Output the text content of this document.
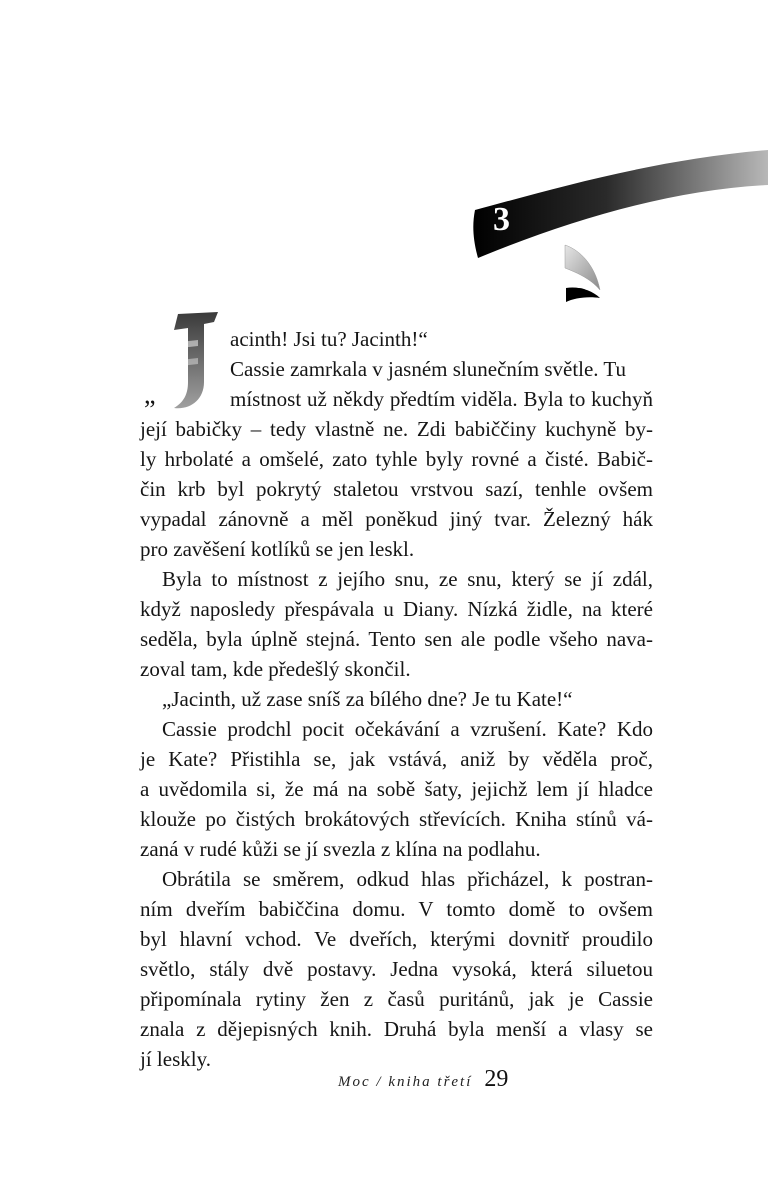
3
„
acinth! Jsi tu? Jacinth!“
Cassie zamrkala v jasném slunečním světle. Tu
místnost už někdy předtím viděla. Byla to kuchyň
její babičky – tedy vlastně ne. Zdi babiččiny kuchyně by-
ly hrbolaté a omšelé, zato tyhle byly rovné a čisté. Babič-
čin krb byl pokrytý staletou vrstvou sazí, tenhle ovšem
vypadal zánovně a měl poněkud jiný tvar. Železný hák
pro zavěšení kotlíků se jen leskl.
Byla to místnost z jejího snu, ze snu, který se jí zdál,
když naposledy přespávala u Diany. Nízká židle, na které
seděla, byla úplně stejná. Tento sen ale podle všeho nava-
zoval tam, kde předešlý skončil.
„Jacinth, už zase sníš za bílého dne? Je tu Kate!“
Cassie prodchl pocit očekávání a vzrušení. Kate? Kdo
je Kate? Přistihla se, jak vstává, aniž by věděla proč,
a uvědomila si, že má na sobě šaty, jejichž lem jí hladce
klouže po čistých brokátových střevících. Kniha stínů vá-
zaná v rudé kůži se jí svezla z klína na podlahu.
Obrátila se směrem, odkud hlas přicházel, k postran-
ním dveřím babiččina domu. V tomto domě to ovšem
byl hlavní vchod. Ve dveřích, kterými dovnitř proudilo
světlo, stály dvě postavy. Jedna vysoká, která siluetou
připomínala rytiny žen z časů puritánů, jak je Cassie
znala z dějepisných knih. Druhá byla menší a vlasy se
jí leskly.
Moc / kniha třetí 29
